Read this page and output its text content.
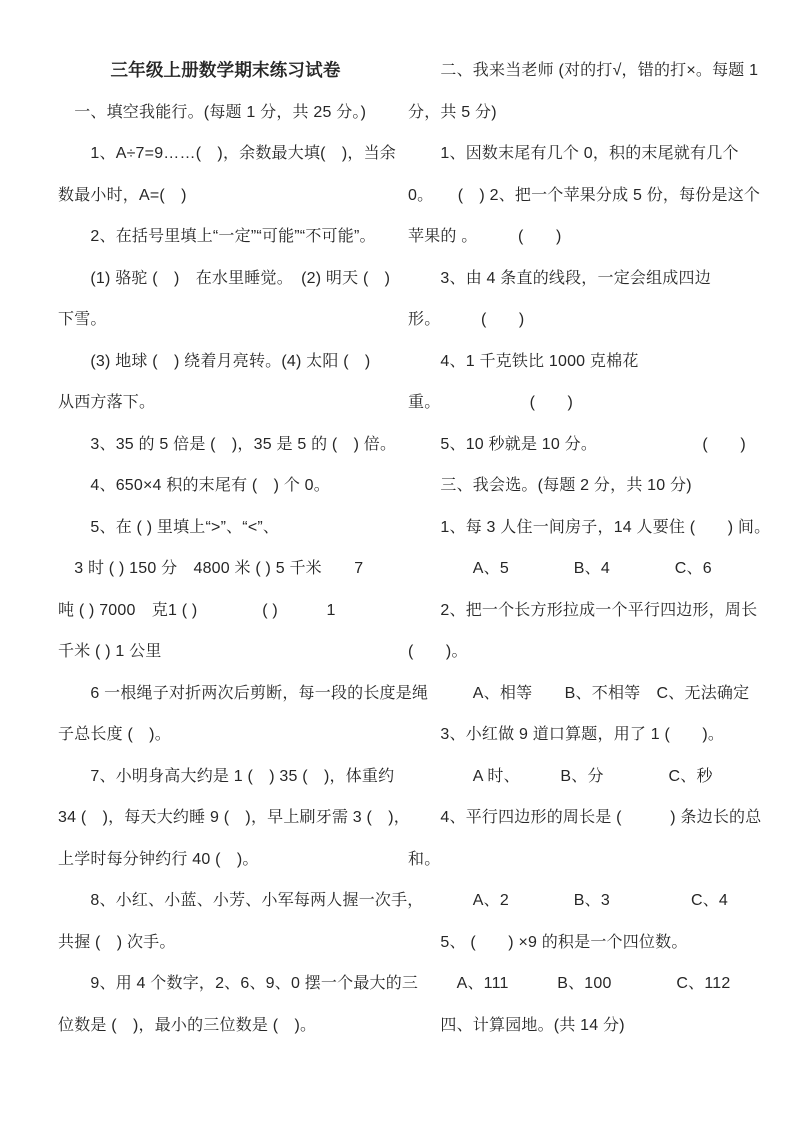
三年级上册数学期末练习试卷
　一、填空我能行。(每题 1 分，共 25 分。)
　　1、A÷7=9……(　)，余数最大填(　)，当余
数最小时，A=(　)
　　2、在括号里填上“一定”“可能”“不可能”。
　　(1) 骆驼 (　)　在水里睡觉。　(2) 明天 (　)
下雪。
　　(3) 地球 (　) 绕着月亮转。(4) 太阳 (　)
从西方落下。
　　3、35 的 5 倍是 (　)，35 是 5 的 (　) 倍。
　　4、650×4 积的末尾有 (　) 个 0。
　　5、在 ( ) 里填上“>”、“<”、
　3 时 ( ) 150 分　4800 米 ( ) 5 千米　　7
吨 ( ) 7000　克1 ( )　　　　( )　　　1
千米 ( ) 1 公里
　　6 一根绳子对折两次后剪断，每一段的长度是绳
子总长度 (　)。
　　7、小明身高大约是 1 (　) 35 (　)，体重约
34 (　)，每天大约睡 9 (　)，早上刷牙需 3 (　)，
上学时每分钟约行 40 (　)。
　　8、小红、小蓝、小芳、小军每两人握一次手，
共握 (　) 次手。
　　9、用 4 个数字，2、6、9、0 摆一个最大的三
位数是 (　)，最小的三位数是 (　)。
　　二、我来当老师 (对的打√，错的打×。每题 1
分，共 5 分)
　　1、因数末尾有几个 0，积的末尾就有几个
0。　　(　) 2、把一个苹果分成 5 份，每份是这个
苹果的 。　　　(　　)
　　3、由 4 条直的线段，一定会组成四边
形。　　　(　　)
　　4、1 千克铁比 1000 克棉花
重。　　　　　　(　　)
　　5、10 秒就是 10 分。　　　　　　　(　　)
　　三、我会选。(每题 2 分，共 10 分)
　　1、每 3 人住一间房子，14 人要住 (　　) 间。
　　　　A、5　　　　B、4　　　　C、6
　　2、把一个长方形拉成一个平行四边形，周长
(　　)。
　　　　A、相等　　B、不相等　C、无法确定
　　3、小红做 9 道口算题，用了 1 (　　)。
　　　　A 时、　　　B、分　　　　C、秒
　　4、平行四边形的周长是 (　　　) 条边长的总
和。
　　　　A、2　　　　B、3　　　　　C、4
　　5、 (　　) ×9 的积是一个四位数。
　　　A、111　　　B、100　　　　C、112
　　四、计算园地。(共 14 分)
